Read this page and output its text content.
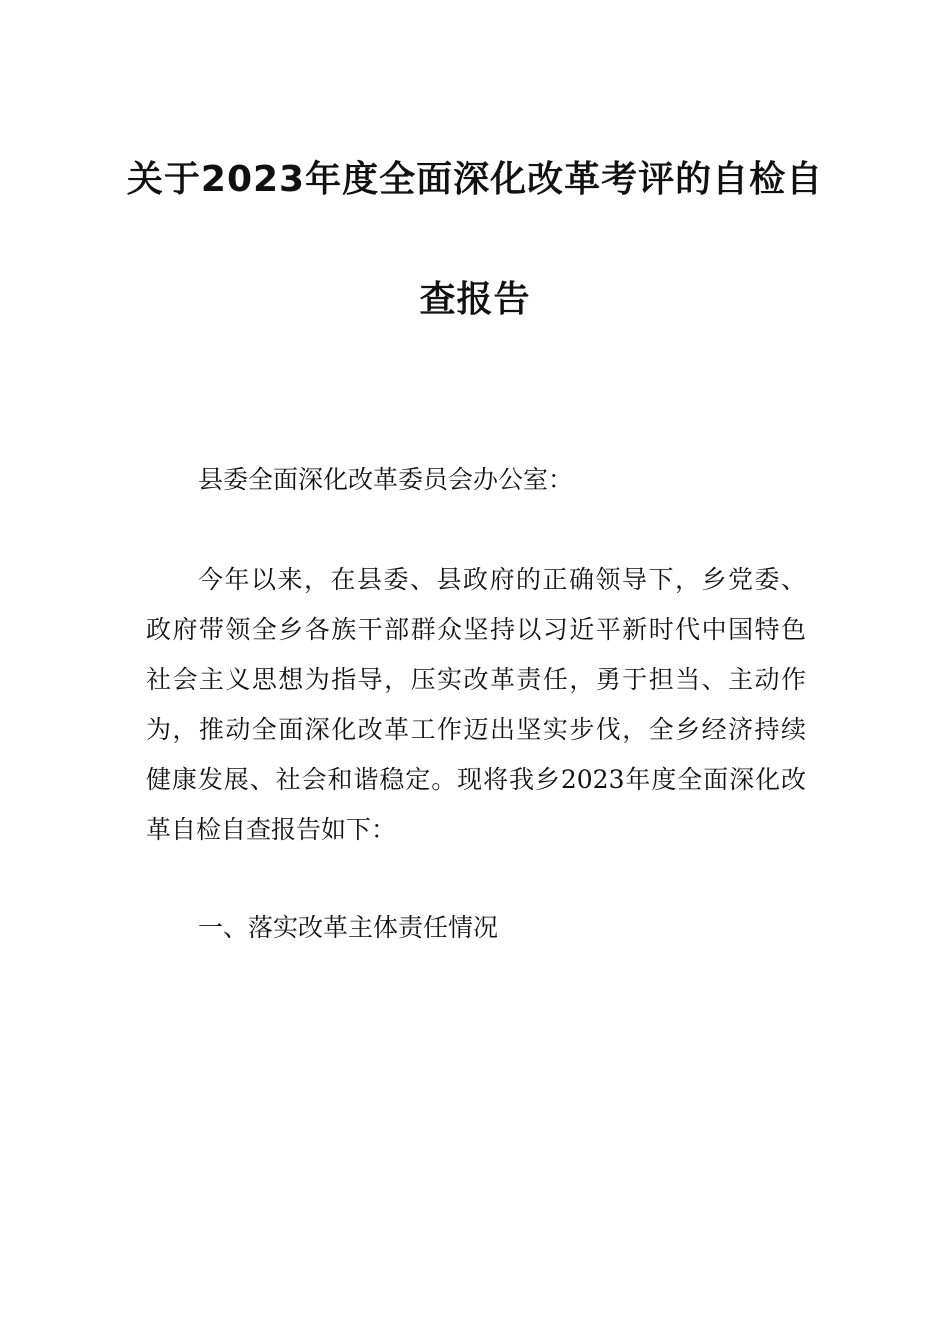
关于2023年度全面深化改革考评的自检自
查报告
县委全面深化改革委员会办公室：
今年以来，在县委、县政府的正确领导下，乡党委、
政府带领全乡各族干部群众坚持以习近平新时代中国特色
社会主义思想为指导，压实改革责任，勇于担当、主动作
为，推动全面深化改革工作迈出坚实步伐，全乡经济持续
健康发展、社会和谐稳定。现将我乡2023年度全面深化改
革自检自查报告如下：
一、落实改革主体责任情况
